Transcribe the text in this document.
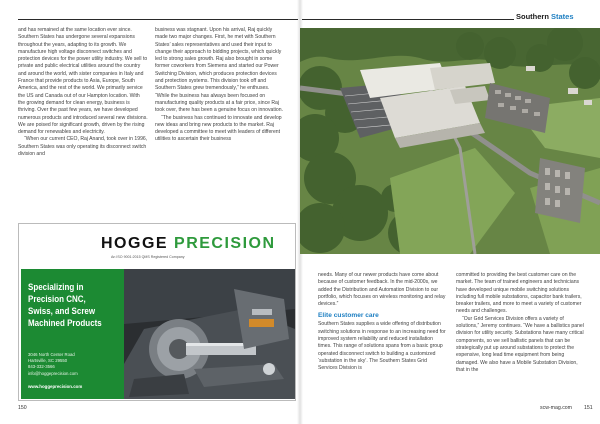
Southern States

and has remained at the same location ever since. Southern States has undergone several expansions throughout the years, adapting to its growth. We manufacture high voltage disconnect switches and protection devices for the power utility industry. We sell to private and public electrical utilities around the country and around the world, with sister companies in Italy and France that provide products to Asia, Europe, South America, and the rest of the world. We primarily service the US and Canada out of our Hampton location. With the growing demand for clean energy, business is thriving. Over the past few years, we have developed numerous products and introduced several new divisions. We are poised for significant growth, driven by the rising demand for renewables and electricity.

“When our current CEO, Raj Anand, took over in 1996, Southern States was only operating its disconnect switch division and

business was stagnant. Upon his arrival, Raj quickly made two major changes. First, he met with Southern States’ sales representatives and used their input to change their approach to bidding projects, which quickly led to strong sales growth. Raj also brought in some former coworkers from Siemens and started our Power Switching Division, which produces protection devices and protection systems. This division took off and Southern States grew tremendously,” he enthuses. “While the business has always been focused on manufacturing quality products at a fair price, since Raj took over, there has been a genuine focus on innovation.

“The business has continued to innovate and develop new ideas and bring new products to the market. Raj developed a committee to meet with leaders of different utilities to ascertain their business

HOGGE PRECISION
An ISO 9001:2015 QMS Registered Company
Specializing in Precision CNC, Swiss, and Screw Machined Products
3046 North Center Road
Hartsville, SC 29550
843-332-3566
info@hoggeprecision.com
www.hoggeprecision.com

needs. Many of our newer products have come about because of customer feedback. In the mid-2000s, we added the Distribution and Automation Division to our portfolio, which focuses on wireless monitoring and relay devices.”

Elite customer care

Southern States supplies a wide offering of distribution switching solutions in response to an increasing need for improved system reliability and reduced installation times. This range of solutions spans from a basic group operated disconnect switch to building a customized ‘substation in the sky’. The Southern States Grid Services Division is

committed to providing the best customer care on the market. The team of trained engineers and technicians have developed unique mobile switching solutions including full mobile substations, capacitor bank trailers, breaker trailers, and more to meet a variety of customer needs and challenges.

“Our Grid Services Division offers a variety of solutions,” Jeremy continues. “We have a ballistics panel division for utility security. Substations have many critical components, so we sell ballistic panels that can be strategically put up around substations to protect the expensive, long lead time equipment from being damaged. We also have a Mobile Substation Division, that in the

150	scw-mag.com 151
